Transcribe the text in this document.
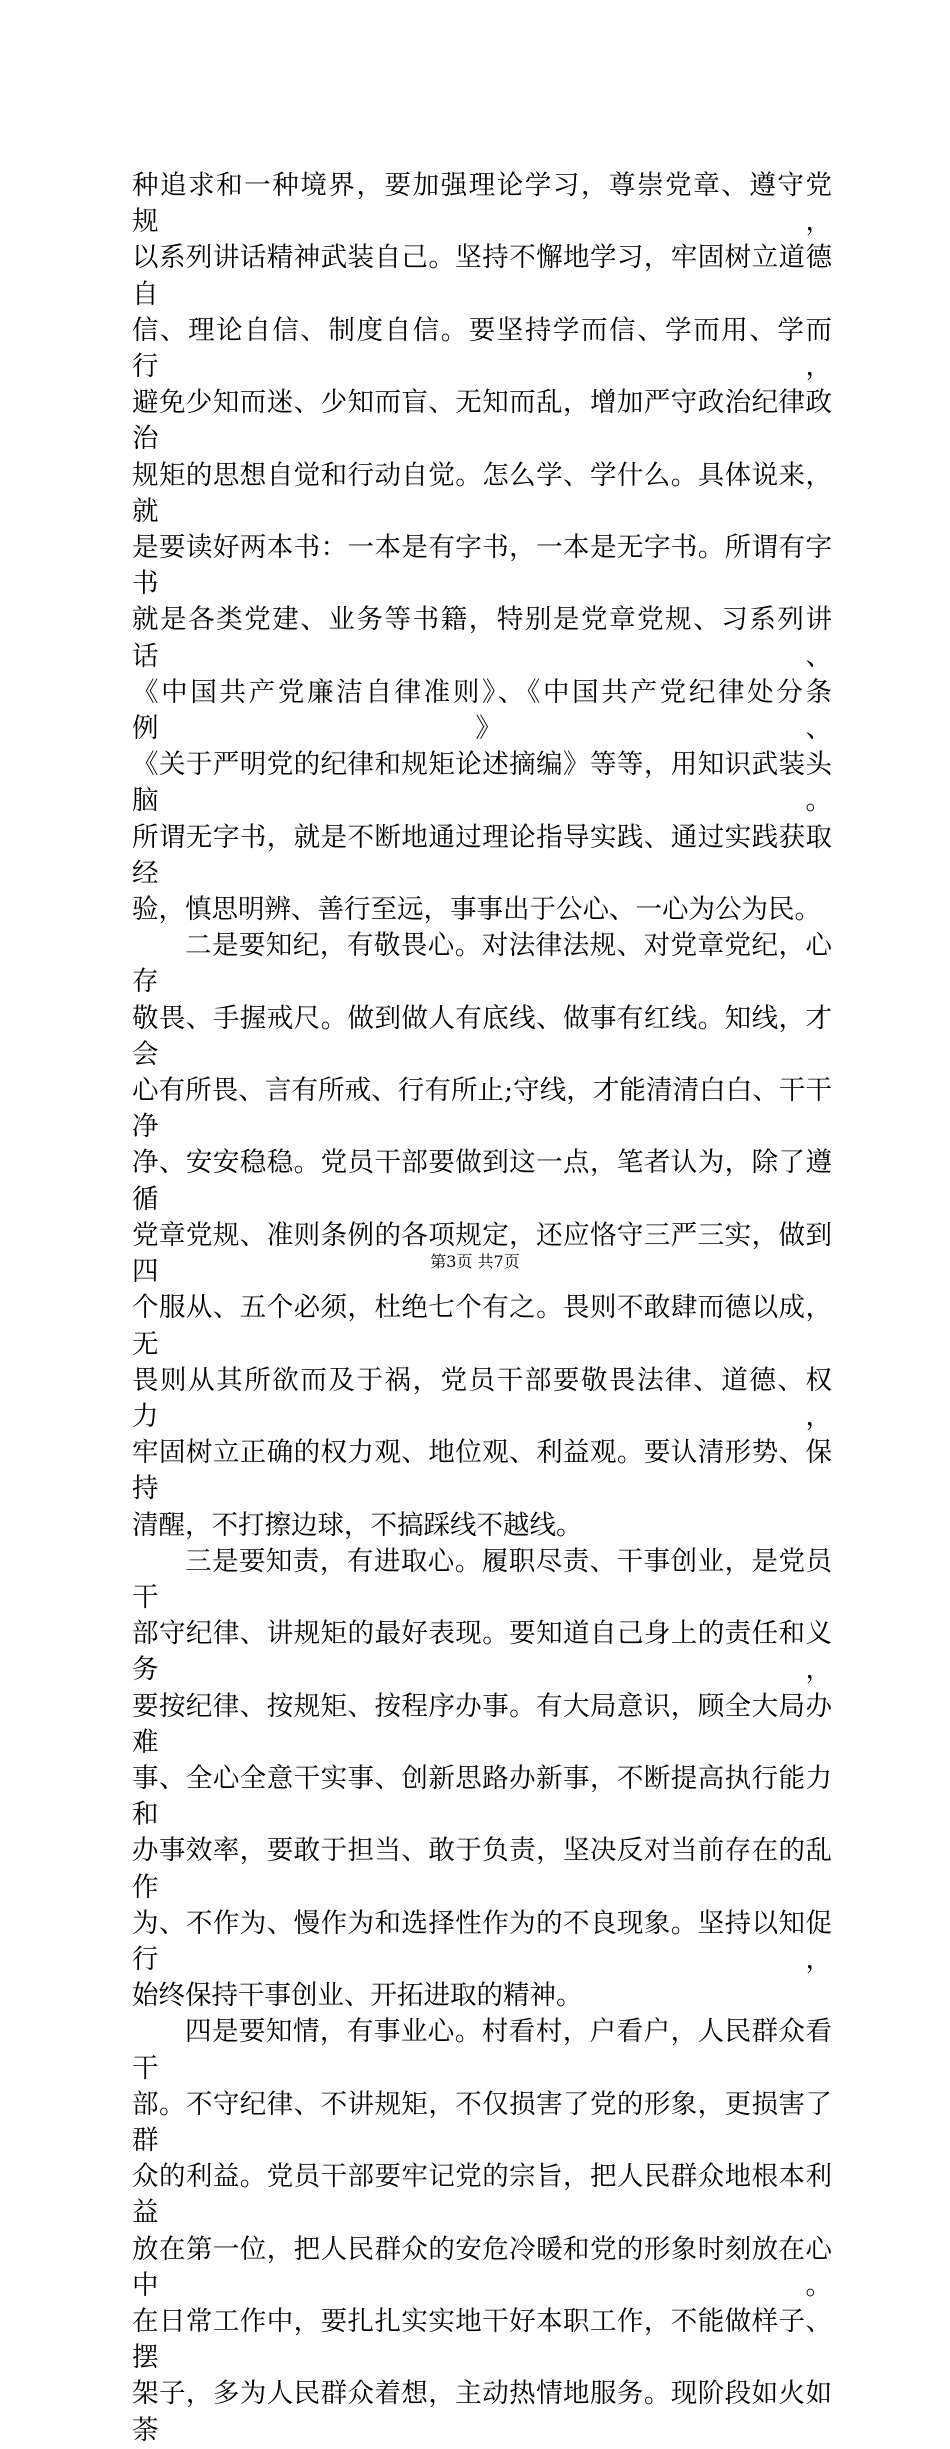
种追求和一种境界，要加强理论学习，尊崇党章、遵守党规，
以系列讲话精神武装自己。坚持不懈地学习，牢固树立道德自
信、理论自信、制度自信。要坚持学而信、学而用、学而行，
避免少知而迷、少知而盲、无知而乱，增加严守政治纪律政治
规矩的思想自觉和行动自觉。怎么学、学什么。具体说来，就
是要读好两本书：一本是有字书，一本是无字书。所谓有字书
就是各类党建、业务等书籍，特别是党章党规、习系列讲话、
《中国共产党廉洁自律准则》、《中国共产党纪律处分条例》、
《关于严明党的纪律和规矩论述摘编》等等，用知识武装头脑。
所谓无字书，就是不断地通过理论指导实践、通过实践获取经
验，慎思明辨、善行至远，事事出于公心、一心为公为民。
二是要知纪，有敬畏心。对法律法规、对党章党纪，心存
敬畏、手握戒尺。做到做人有底线、做事有红线。知线，才会
心有所畏、言有所戒、行有所止;守线，才能清清白白、干干净
净、安安稳稳。党员干部要做到这一点，笔者认为，除了遵循
党章党规、准则条例的各项规定，还应恪守三严三实，做到四
个服从、五个必须，杜绝七个有之。畏则不敢肆而德以成，无
畏则从其所欲而及于祸，党员干部要敬畏法律、道德、权力，
牢固树立正确的权力观、地位观、利益观。要认清形势、保持
清醒，不打擦边球，不搞踩线不越线。
三是要知责，有进取心。履职尽责、干事创业，是党员干
部守纪律、讲规矩的最好表现。要知道自己身上的责任和义务，
要按纪律、按规矩、按程序办事。有大局意识，顾全大局办难
事、全心全意干实事、创新思路办新事，不断提高执行能力和
办事效率，要敢于担当、敢于负责，坚决反对当前存在的乱作
为、不作为、慢作为和选择性作为的不良现象。坚持以知促行，
始终保持干事创业、开拓进取的精神。
四是要知情，有事业心。村看村，户看户，人民群众看干
部。不守纪律、不讲规矩，不仅损害了党的形象，更损害了群
众的利益。党员干部要牢记党的宗旨，把人民群众地根本利益
放在第一位，把人民群众的安危冷暖和党的形象时刻放在心中。
在日常工作中，要扎扎实实地干好本职工作，不能做样子、摆
架子，多为人民群众着想，主动热情地服务。现阶段如火如荼
第3页 共7页
